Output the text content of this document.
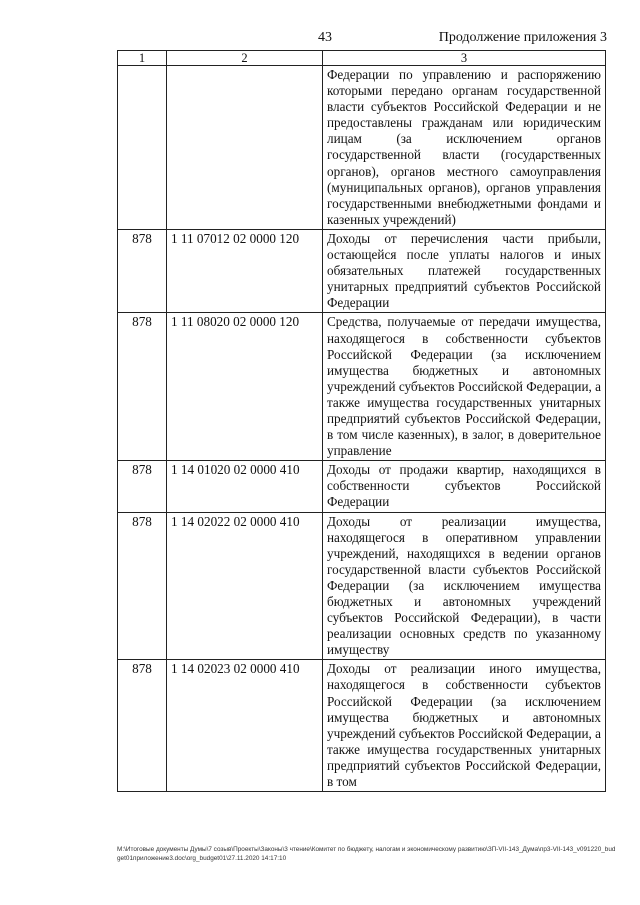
43	Продолжение приложения 3
1	2	3
		Федерации по управлению и распоряжению которыми передано органам государственной власти субъектов Российской Федерации и не предоставлены гражданам или юридическим лицам (за исключением органов государственной власти (государственных органов), органов местного самоуправления (муниципальных органов), органов управления государственными внебюджетными фондами и казенных учреждений)
878	1 11 07012 02 0000 120	Доходы от перечисления части прибыли, остающейся после уплаты налогов и иных обязательных платежей государственных унитарных предприятий субъектов Российской Федерации
878	1 11 08020 02 0000 120	Средства, получаемые от передачи имущества, находящегося в собственности субъектов Российской Федерации (за исключением имущества бюджетных и автономных учреждений субъектов Российской Федерации, а также имущества государственных унитарных предприятий субъектов Российской Федерации, в том числе казенных), в залог, в доверительное управление
878	1 14 01020 02 0000 410	Доходы от продажи квартир, находящихся в собственности субъектов Российской Федерации
878	1 14 02022 02 0000 410	Доходы от реализации имущества, находящегося в оперативном управлении учреждений, находящихся в ведении органов государственной власти субъектов Российской Федерации (за исключением имущества бюджетных и автономных учреждений субъектов Российской Федерации), в части реализации основных средств по указанному имуществу
878	1 14 02023 02 0000 410	Доходы от реализации иного имущества, находящегося в собственности субъектов Российской Федерации (за исключением имущества бюджетных и автономных учреждений субъектов Российской Федерации, а также имущества государственных унитарных предприятий субъектов Российской Федерации, в том
М:\Итоговые документы Думы\7 созыв\Проекты\Законы\3 чтение\Комитет по бюджету, налогам и экономическому развитию\ЗП-VII-143_Дума\пр3-VII-143_v091220_budget01приложение3.doc\org_budget01\27.11.2020 14:17:10
